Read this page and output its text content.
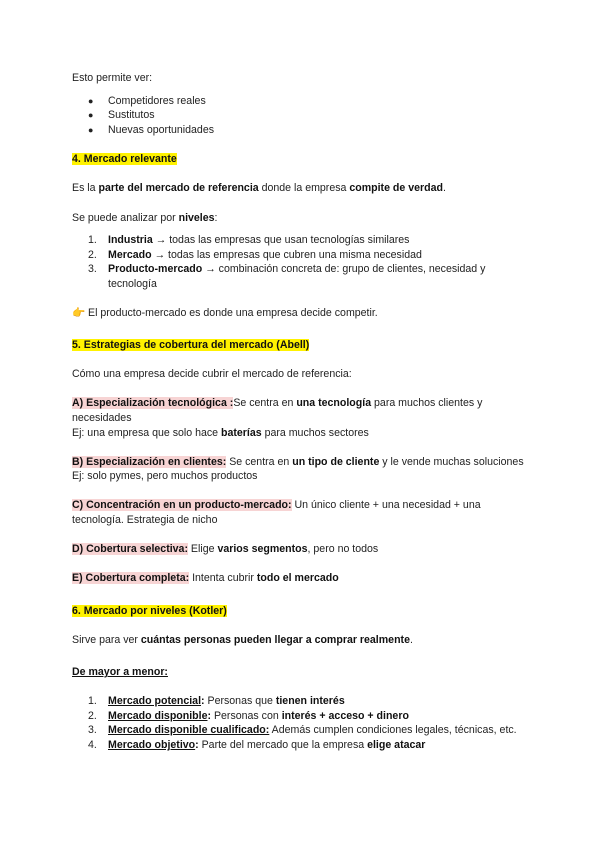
Esto permite ver:

● Competidores reales
● Sustitutos
● Nuevas oportunidades

4. Mercado relevante

Es la parte del mercado de referencia donde la empresa compite de verdad.

Se puede analizar por niveles:

1. Industria → todas las empresas que usan tecnologías similares
2. Mercado → todas las empresas que cubren una misma necesidad
3. Producto-mercado → combinación concreta de: grupo de clientes, necesidad y tecnología

👉 El producto-mercado es donde una empresa decide competir.

5. Estrategias de cobertura del mercado (Abell)

Cómo una empresa decide cubrir el mercado de referencia:

A) Especialización tecnológica :Se centra en una tecnología para muchos clientes y necesidades

Ej: una empresa que solo hace baterías para muchos sectores

B) Especialización en clientes: Se centra en un tipo de cliente y le vende muchas soluciones

Ej: solo pymes, pero muchos productos

C) Concentración en un producto-mercado: Un único cliente + una necesidad + una tecnología. Estrategia de nicho

D) Cobertura selectiva: Elige varios segmentos, pero no todos

E) Cobertura completa: Intenta cubrir todo el mercado

6. Mercado por niveles (Kotler)

Sirve para ver cuántas personas pueden llegar a comprar realmente.

De mayor a menor:

1. Mercado potencial: Personas que tienen interés
2. Mercado disponible: Personas con interés + acceso + dinero
3. Mercado disponible cualificado: Además cumplen condiciones legales, técnicas, etc.
4. Mercado objetivo: Parte del mercado que la empresa elige atacar
